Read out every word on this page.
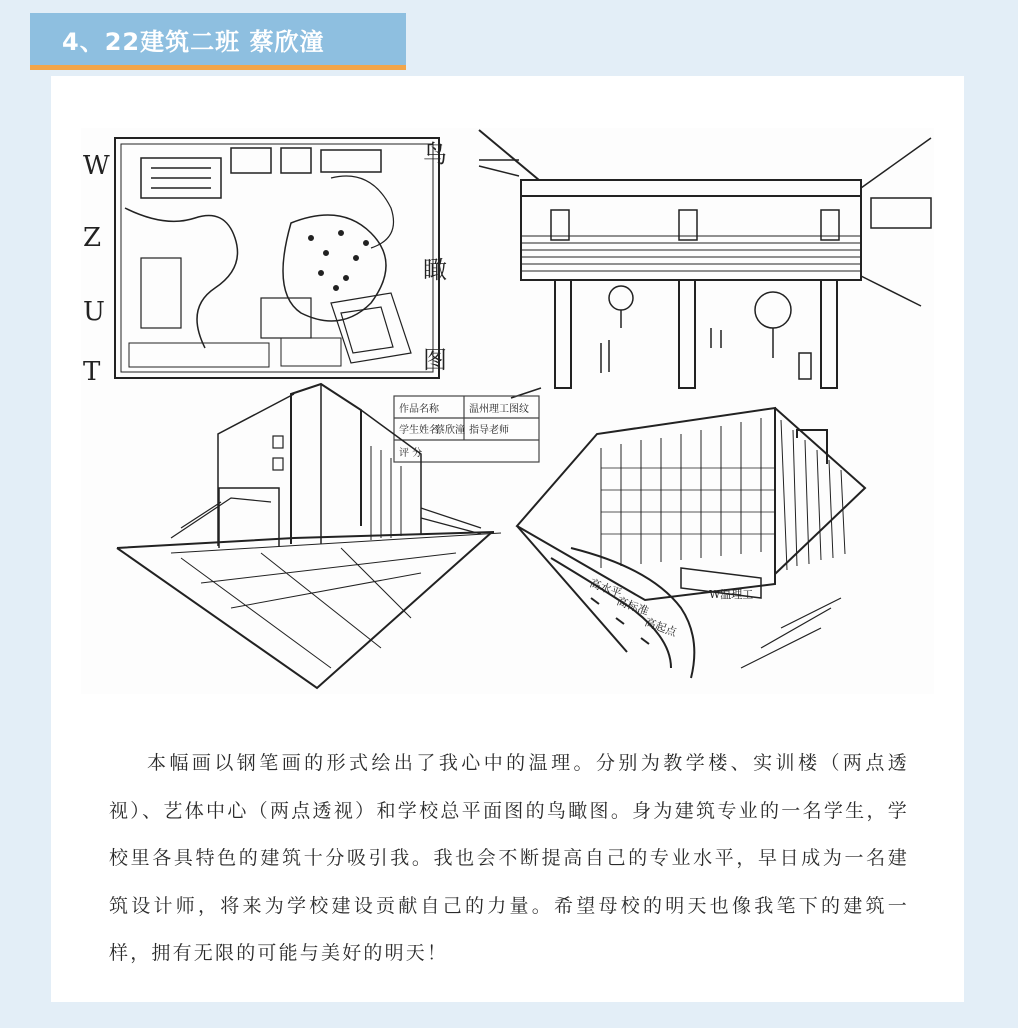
4、22建筑二班 蔡欣潼
W
Z
U
T
鸟
瞰
图
作品名称	温州理工图纹
学生姓名
蔡欣潼 指导老师
评 分
高水平
高标准
高起点
W温理工

本幅画以钢笔画的形式绘出了我心中的温理。分别为教学楼、实训楼（两点透视）、艺体中心（两点透视）和学校总平面图的鸟瞰图。身为建筑专业的一名学生，学校里各具特色的建筑十分吸引我。我也会不断提高自己的专业水平，早日成为一名建筑设计师，将来为学校建设贡献自己的力量。希望母校的明天也像我笔下的建筑一样，拥有无限的可能与美好的明天！
